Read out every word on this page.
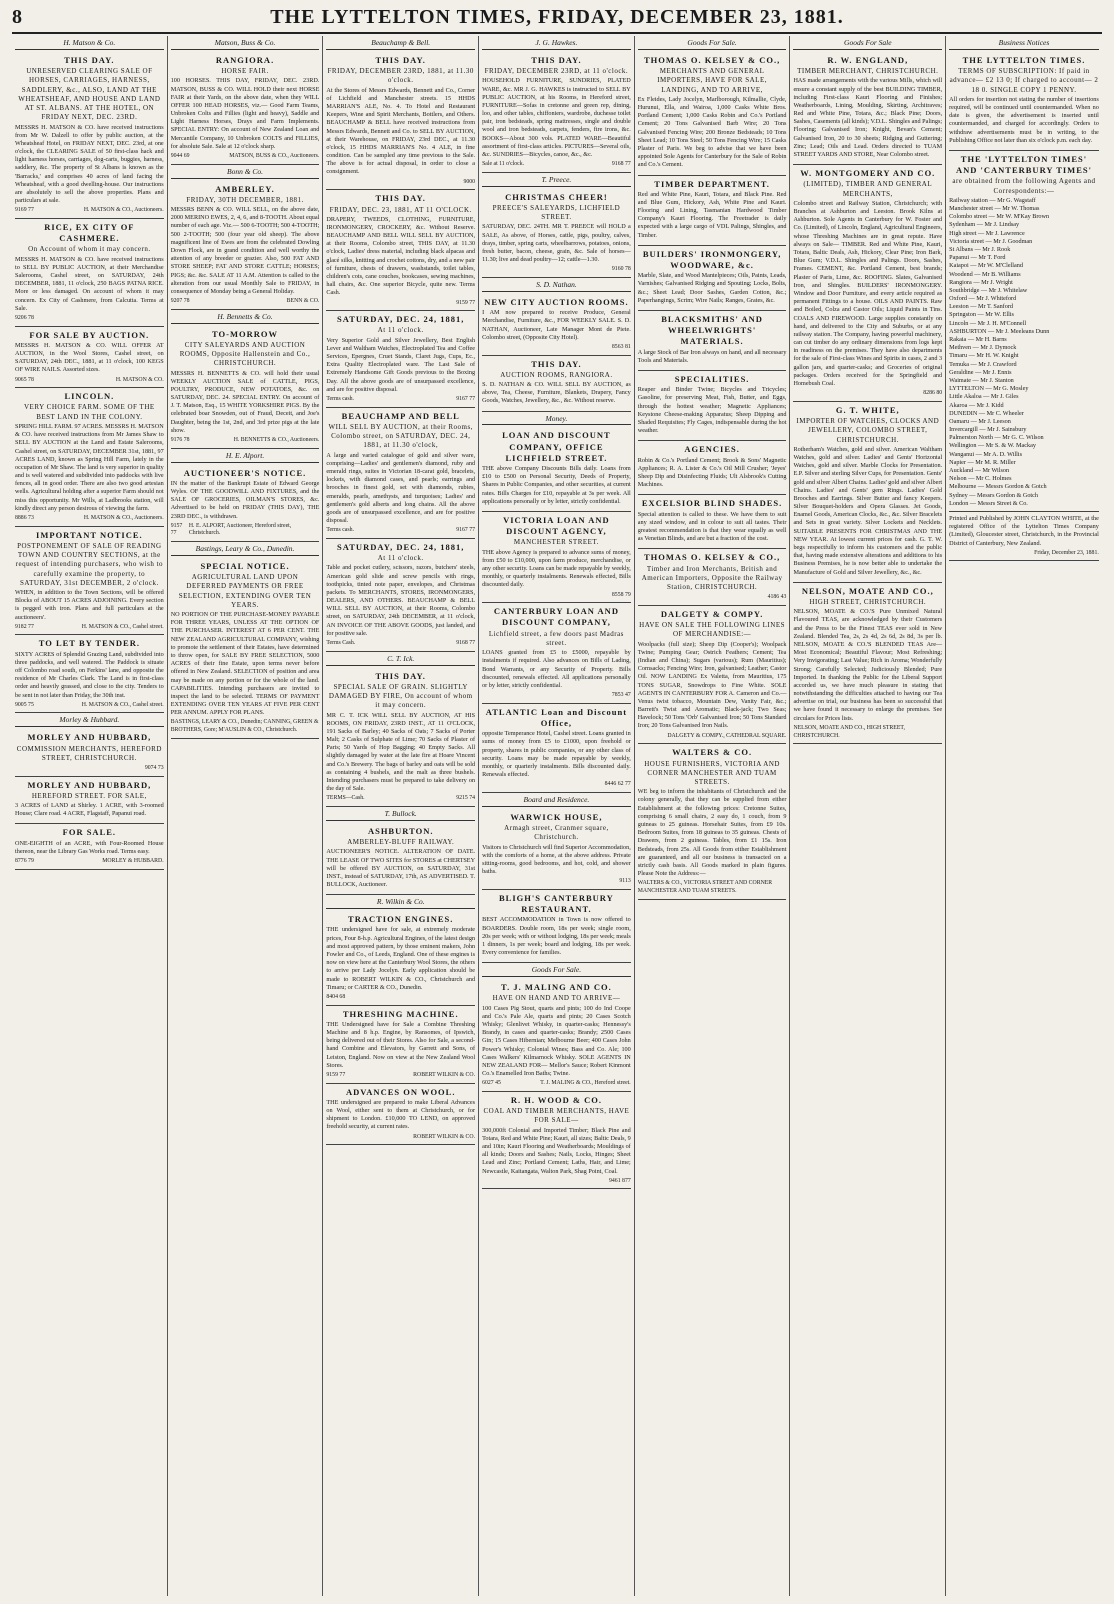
8	THE LYTTELTON TIMES, FRIDAY, DECEMBER 23, 1881.
H. Matson & Co.
THIS DAY.
UNRESERVED CLEARING SALE OF HORSES, CARRIAGES, HARNESS, SADDLERY, &c., ALSO, LAND AT THE WHEATSHEAF, AND HOUSE AND LAND AT ST. ALBANS. AT THE HOTEL, ON FRIDAY NEXT, DEC. 23RD.

MESSRS H. MATSON & CO. have received instructions from Mr W. Dalzell to offer by public auction, at the Wheatsheaf Hotel, on FRIDAY NEXT, DEC. 23rd, at one o'clock, the CLEARING SALE of 50 first-class hack and light harness horses, carriages, dog-carts, buggies, harness, saddlery, &c. The property of St Albans is known as the 'Barracks,' and comprises 40 acres of land facing the Wheatsheaf, with a good dwelling-house. Our instructions are absolutely to sell the above properties. Plans and particulars at sale.

9169 77	H. MATSON & CO., Auctioneers.
RICE, EX CITY OF CASHMERE.
On Account of whom it may concern.

MESSRS H. MATSON & CO. have received instructions to SELL BY PUBLIC AUCTION, at their Merchandise Salerooms, Cashel street, on SATURDAY, 24th DECEMBER, 1881, 11 o'clock, 250 BAGS PATNA RICE. More or less damaged. On account of whom it may concern. Ex City of Cashmere, from Calcutta. Terms at Sale.

9206 78
FOR SALE BY AUCTION.

MESSRS H. MATSON & CO. WILL OFFER AT AUCTION, in the Wool Stores, Cashel street, on SATURDAY, 24th DEC., 1881, at 11 o'clock, 100 KEGS OF WIRE NAILS. Assorted sizes.

9065 78	H. MATSON & CO.
LINCOLN.
VERY CHOICE FARM. SOME OF THE BEST LAND IN THE COLONY.

SPRING HILL FARM. 97 ACRES. MESSRS H. MATSON & CO. have received instructions from Mr James Shaw to SELL BY AUCTION at the Land and Estate Salerooms, Cashel street, on SATURDAY, DECEMBER 31st, 1881, 97 ACRES LAND, known as Spring Hill Farm, lately in the occupation of Mr Shaw. The land is very superior in quality and is well watered and subdivided into paddocks with live fences, all in good order. There are also two good artesian wells. Agricultural holding after a superior Farm should not miss this opportunity. Mr Wills, at Ladbrooks station, will kindly direct any person desirous of viewing the farm.

8886 73	H. MATSON & CO., Auctioneers.
IMPORTANT NOTICE.
POSTPONEMENT OF SALE OF READING TOWN AND COUNTRY SECTIONS, at the request of intending purchasers, who wish to carefully examine the property, to SATURDAY, 31st DECEMBER, 2 o'clock.

WHEN, in addition to the Town Sections, will be offered Blocks of ABOUT 15 ACRES ADJOINING. Every section is pegged with iron. Plans and full particulars at the auctioneers'.

9182 77	H. MATSON & CO., Cashel street.
TO LET BY TENDER.

SIXTY ACRES of Splendid Grazing Land, subdivided into three paddocks, and well watered. The Paddock is situate off Colombo road south, on Ferkins' lane, and opposite the residence of Mr Charles Clark. The Land is in first-class order and heavily grassed, and close to the city. Tenders to be sent in not later than Friday, the 30th inst.

9005 75	H. MATSON & CO., Cashel street.
Morley & Hubbard.
MORLEY AND HUBBARD,
COMMISSION MERCHANTS, HEREFORD STREET, CHRISTCHURCH.
9074 73
MORLEY AND HUBBARD,
HEREFORD STREET. FOR SALE,

3 ACRES of LAND at Shirley. 1 ACRE, with 3-roomed House; Clare road. 4 ACRE, Flagstaff, Papanui road.

FOR SALE.

ONE-EIGHTH of an ACRE, with Four-Roomed House thereon, near the Library Gas Works road. Terms easy.

8776 79	MORLEY & HUBBARD.
Matson, Buss & Co.
RANGIORA.
HORSE FAIR.

100 HORSES. THIS DAY, FRIDAY, DEC. 23RD. MATSON, BUSS & CO. WILL HOLD their next HORSE FAIR at their Yards, on the above date, when they WILL OFFER 100 HEAD HORSES, viz.— Good Farm Teams, Unbroken Colts and Fillies (light and heavy), Saddle and Light Harness Horses, Drays and Farm Implements. SPECIAL ENTRY: On account of New Zealand Loan and Mercantile Company, 10 Unbroken COLTS and FILLIES, for absolute Sale. Sale at 12 o'clock sharp.

9044 69	MATSON, BUSS & CO., Auctioneers.
Bonn & Co.
AMBERLEY.
FRIDAY, 30TH DECEMBER, 1881.

MESSRS BENN & CO. WILL SELL, on the above date, 2000 MERINO EWES, 2, 4, 6, and 8-TOOTH. About equal number of each age. Viz.— 500 6-TOOTH; 500 4-TOOTH; 500 2-TOOTH; 500 (four year old sheep). The above magnificent line of Ewes are from the celebrated Dowling Down Flock, are in grand condition and well worthy the attention of any breeder or grazier. Also, 500 FAT AND STORE SHEEP; FAT AND STORE CATTLE; HORSES; PIGS; &c. &c. SALE AT 11 A.M. Attention is called to the alteration from our usual Monthly Sale to FRIDAY, in consequence of Monday being a General Holiday.

9207 78	BENN & CO.
H. Bennetts & Co.
TO-MORROW
CITY SALEYARDS AND AUCTION ROOMS, Opposite Hallenstein and Co., CHRISTCHURCH.

MESSRS H. BENNETTS & CO. will hold their usual WEEKLY AUCTION SALE of CATTLE, PIGS, POULTRY, PRODUCE, NEW POTATOES, &c. on SATURDAY, DEC. 24. SPECIAL ENTRY. On account of J. T. Matson, Esq., 15 WHITE YORKSHIRE PIGS. By the celebrated boar Snowden, out of Fraud, Deceit, and Joe's Daughter, being the 1st, 2nd, and 3rd prize pigs at the late show.

9176 78	H. BENNETTS & CO., Auctioneers.
H. E. Alport.
AUCTIONEER'S NOTICE.

IN the matter of the Bankrupt Estate of Edward George Wyles. OF THE GOODWILL AND FIXTURES, and the SALE OF GROCERIES, OILMAN'S STORES, &c. Advertised to be held on FRIDAY (THIS DAY), THE 23RD DEC., is withdrawn.

9157 77
H. E. ALPORT, Auctioneer, Hereford street, Christchurch.
Bastings, Leary & Co., Dunedin.
SPECIAL NOTICE.
AGRICULTURAL LAND UPON DEFERRED PAYMENTS OR FREE SELECTION, EXTENDING OVER TEN YEARS.

NO PORTION OF THE PURCHASE-MONEY PAYABLE FOR THREE YEARS, UNLESS AT THE OPTION OF THE PURCHASER. INTEREST AT 6 PER CENT. THE NEW ZEALAND AGRICULTURAL COMPANY, wishing to promote the settlement of their Estates, have determined to throw open, for SALE BY FREE SELECTION, 5000 ACRES of their fine Estate, upon terms never before offered in New Zealand. SELECTION of position and area may be made on any portion or for the whole of the land. CAPABILITIES. Intending purchasers are invited to inspect the land to be selected. TERMS OF PAYMENT EXTENDING OVER TEN YEARS AT FIVE PER CENT PER ANNUM. APPLY FOR PLANS.

BASTINGS, LEARY & CO., Dunedin; CANNING, GREEN & BROTHERS, Gore; M'AUSLIN & CO., Christchurch.
Beauchamp & Bell.
THIS DAY.
FRIDAY, DECEMBER 23RD, 1881, at 11.30 o'clock.

At the Stores of Messrs Edwards, Bennett and Co., Corner of Lichfield and Manchester streets. 15 HHDS MARRIAN'S ALE, No. 4. To Hotel and Restaurant Keepers, Wine and Spirit Merchants, Bottlers, and Others. BEAUCHAMP & BELL have received instructions from Messrs Edwards, Bennett and Co. to SELL BY AUCTION, at their Warehouse, on FRIDAY, 23rd DEC., at 11.30 o'clock, 15 HHDS MARRIAN'S No. 4 ALE, in fine condition. Can be sampled any time previous to the Sale. The above is for actual disposal, in order to close a consignment.

9000
THIS DAY.
FRIDAY, DEC. 23, 1881, AT 11 O'CLOCK.

DRAPERY, TWEEDS, CLOTHING, FURNITURE, IRONMONGERY, CROCKERY, &c. Without Reserve. BEAUCHAMP AND BELL WILL SELL BY AUCTION, at their Rooms, Colombo street, THIS DAY, at 11.30 o'clock, Ladies' dress material, including black alpacas and glacé silks, knitting and crochet cottons, dry, and a new pair of furniture, chests of drawers, washstands, toilet tables, children's cots, cane couches, bookcases, sewing machines, hall chairs, &c. One superior Bicycle, quite new. Terms Cash.

9159 77
SATURDAY, DEC. 24, 1881,
At 11 o'clock.

Very Superior Gold and Silver Jewellery, Best English Lever and Waltham Watches, Electroplated Tea and Coffee Services, Epergnes, Cruet Stands, Claret Jugs, Cups, Ec., Extra Quality Electroplated ware. The Last Sale of Extremely Handsome Gift Goods previous to the Boxing Day. All the above goods are of unsurpassed excellence, and are for positive disposal.

Terms cash.	9167 77
BEAUCHAMP AND BELL
WILL SELL BY AUCTION, at their Rooms, Colombo street, on SATURDAY, DEC. 24, 1881, at 11.30 o'clock,

A large and varied catalogue of gold and silver ware, comprising—Ladies' and gentlemen's diamond, ruby and emerald rings, suites in Victorian 18-carat gold, bracelets, lockets, with diamond cases, and pearls; earrings and brooches in finest gold, set with diamonds, rubies, emeralds, pearls, amethysts, and turquoises; Ladies' and gentlemen's gold alberts and long chains. All the above goods are of unsurpassed excellence, and are for positive disposal.

Terms cash.	9167 77
SATURDAY, DEC. 24, 1881,
At 11 o'clock.

Table and pocket cutlery, scissors, razors, butchers' steels, American gold slide and screw pencils with rings, toothpicks, tinted note paper, envelopes, and Christmas packets. To MERCHANTS, STORES, IRONMONGERS, DEALERS, AND OTHERS. BEAUCHAMP & BELL WILL SELL BY AUCTION, at their Rooms, Colombo street, on SATURDAY, 24th DECEMBER, at 11 o'clock, AN INVOICE OF THE ABOVE GOODS, just landed, and for positive sale.

Terms Cash.	9168 77
C. T. Ick.
THIS DAY.
SPECIAL SALE OF GRAIN. SLIGHTLY DAMAGED BY FIRE, On account of whom it may concern.

MR C. T. ICK WILL SELL BY AUCTION, AT HIS ROOMS, ON FRIDAY, 23RD INST., AT 11 O'CLOCK, 191 Sacks of Barley; 40 Sacks of Oats; 7 Sacks of Porter Malt; 2 Casks of Sulphate of Lime; 70 Sacks of Plaster of Paris; 50 Yards of Hop Bagging; 40 Empty Sacks. All slightly damaged by water at the late fire at Hoare Vincent and Co.'s Brewery. The bags of barley and oats will be sold as containing 4 bushels, and the malt as three bushels. Intending purchasers must be prepared to take delivery on the day of Sale.

TERMS—Cash.	9215 74
T. Bullock.
ASHBURTON.
AMBERLEY-BLUFF RAILWAY.

AUCTIONEER'S NOTICE. ALTERATION OF DATE. THE LEASE OF TWO SITES for STORES at CHERTSEY will be offered BY AUCTION, on SATURDAY, 31st INST., instead of SATURDAY, 17th, AS ADVERTISED. T. BULLOCK, Auctioneer.

R. Wilkin & Co.
TRACTION ENGINES.

THE undersigned have for sale, at extremely moderate prices, Four 8-h.p. Agricultural Engines, of the latest design and most approved pattern, by those eminent makers, John Fowler and Co., of Leeds, England. One of these engines is now on view here at the Canterbury Wool Stores, the others to arrive per Lady Jocelyn. Early application should be made to ROBERT WILKIN & CO., Christchurch and Timaru; or CARTER & CO., Dunedin.

8404 68
THRESHING MACHINE.

THE Undersigned have for Sale a Combine Threshing Machine and 8 h.p. Engine, by Ransomes, of Ipswich, being delivered out of their Stores. Also for Sale, a second-hand Combine and Elevators, by Garrett and Sons, of Leiston, England. Now on view at the New Zealand Wool Stores.

9159 77	ROBERT WILKIN & CO.
ADVANCES ON WOOL.

THE undersigned are prepared to make Liberal Advances on Wool, either sent to them at Christchurch, or for shipment to London. £10,000 TO LEND, on approved freehold security, at current rates.

ROBERT WILKIN & CO.
J. G. Hawkes.
THIS DAY.
FRIDAY, DECEMBER 23RD, at 11 o'clock.

HOUSEHOLD FURNITURE, SUNDRIES, PLATED WARE, &c. MR J. G. HAWKES is instructed to SELL BY PUBLIC AUCTION, at his Rooms, in Hereford street, FURNITURE—Sofas in cretonne and green rep, dining, loo, and other tables, chiffoniers, wardrobe, duchesse toilet pair, iron bedsteads, spring mattresses, single and double wool and iron bedsteads, carpets, fenders, fire irons, &c. BOOKS—About 300 vols. PLATED WARE—Beautiful assortment of first-class articles. PICTURES—Several oils, &c. SUNDRIES—Bicycles, canoe, &c., &c.

Sale at 11 o'clock.	9168 77
T. Preece.
CHRISTMAS CHEER!
PREECE'S SALEYARDS, LICHFIELD STREET.

SATURDAY, DEC. 24TH. MR T. PREECE will HOLD a SALE, As above, of Horses, cattle, pigs, poultry, calves, drays, timber, spring carts, wheelbarrows, potatoes, onions, fresh butter, bacon, cheese, grain, &c. Sale of horses—11.30; live and dead poultry—12; cattle—1.30.

9160 78
S. D. Nathan.
NEW CITY AUCTION ROOMS.

I AM now prepared to receive Produce, General Merchandise, Furniture, &c., FOR WEEKLY SALE. S. D. NATHAN, Auctioneer, Late Manager Mont de Piete. Colombo street, (Opposite City Hotel).

8563 81
THIS DAY.
AUCTION ROOMS, RANGIORA.

S. D. NATHAN & CO. WILL SELL BY AUCTION, as above, Tea, Cheese, Furniture, Blankets, Drapery, Fancy Goods, Watches, Jewellery, &c., &c. Without reserve.

Money.
LOAN AND DISCOUNT COMPANY, OFFICE LICHFIELD STREET.

THE above Company Discounts Bills daily. Loans from £10 to £500 on Personal Security, Deeds of Property, Shares in Public Companies, and other securities, at current rates. Bills Charges for £10, repayable at 3s per week. All applications personally or by letter, strictly confidential.

VICTORIA LOAN AND DISCOUNT AGENCY,
MANCHESTER STREET.

THE above Agency is prepared to advance sums of money, from £50 to £10,000, upon farm produce, merchandise, or any other security. Loans can be made repayable by weekly, monthly, or quarterly instalments. Renewals effected, Bills discounted daily.

8558 79
CANTERBURY LOAN AND DISCOUNT COMPANY,
Lichfield street, a few doors past Madras street.

LOANS granted from £5 to £5000, repayable by instalments if required. Also advances on Bills of Lading, Bond Warrants, or any Security of Property. Bills discounted, renewals effected. All applications personally or by letter, strictly confidential.

7853 47
ATLANTIC Loan and Discount Office,

opposite Temperance Hotel, Cashel street. Loans granted in sums of money from £5 to £1000, upon freehold or property, shares in public companies, or any other class of security. Loans may be made repayable by weekly, monthly, or quarterly instalments. Bills discounted daily. Renewals effected.

8446 62 77
Board and Residence.
WARWICK HOUSE,
Armagh street, Cranmer square, Christchurch.

Visitors to Christchurch will find Superior Accommodation, with the comforts of a home, at the above address. Private sitting-rooms, good bedrooms, and hot, cold, and shower baths.

9113
BLIGH'S CANTERBURY RESTAURANT.

BEST ACCOMMODATION in Town is now offered to BOARDERS. Double room, 18s per week; single room, 20s per week; with or without lodging, 18s per week; meals 1 dinners, 1s per week; board and lodging, 18s per week. Every convenience for families.

Goods For Sale.
T. J. MALING AND CO.
HAVE ON HAND AND TO ARRIVE—

100 Cases Pig Stout, quarts and pints; 100 do Ind Coope and Co.'s Pale Ale, quarts and pints; 20 Cases Scotch Whisky; Glenlivet Whisky, in quarter-casks; Hennessy's Brandy, in cases and quarter-casks; Brandy; 2500 Cases Gin; 15 Cases Hibernian; Melbourne Beer; 400 Cases John Power's Whisky; Colonial Wines; Bass and Co. Ale; 100 Cases Walkers' Kilmarnock Whisky. SOLE AGENTS IN NEW ZEALAND FOR— Mellor's Sauce; Robert Kinmont Co.'s Enamelled Iron Baths; Twine.

6027 45	T. J. MALING & CO., Hereford street.
R. H. WOOD & CO.
COAL AND TIMBER MERCHANTS, HAVE FOR SALE—

300,000ft Colonial and Imported Timber; Black Pine and Totara, Red and White Pine; Kauri, all sizes; Baltic Deals, 9 and 10in; Kauri Flooring and Weatherboards; Mouldings of all kinds; Doors and Sashes; Nails, Locks, Hinges; Sheet Lead and Zinc; Portland Cement; Laths, Hair, and Lime; Newcastle, Kaitangata, Walton Park, Shag Point, Coal.

9461 877
Goods For Sale.
THOMAS O. KELSEY & CO.,
MERCHANTS AND GENERAL IMPORTERS, HAVE FOR SALE, LANDING, AND TO ARRIVE,

Ex Fleides, Lady Jocelyn, Marlborough, Kilmallie, Clyde, Hurunui, Ella, and Wairoa, 1,000 Casks White Bros. Portland Cement; 1,000 Casks Robin and Co.'s Portland Cement; 20 Tons Galvanised Barb Wire; 20 Tons Galvanised Fencing Wire; 200 Bronze Bedsteads; 10 Tons Sheet Lead; 10 Tons Steel; 50 Tons Fencing Wire; 15 Casks Plaster of Paris. We beg to advise that we have been appointed Sole Agents for Canterbury for the Sale of Robin and Co.'s Cement.

TIMBER DEPARTMENT.

Red and White Pine, Kauri, Totara, and Black Pine. Red and Blue Gum, Hickory, Ash, White Pine and Kauri. Flooring and Lining, Tasmanian Hardwood Timber Company's Kauri Flooring. The Freetrader is daily expected with a large cargo of VDL Palings, Shingles, and Timber.

BUILDERS' IRONMONGERY, WOODWARE, &c.

Marble, Slate, and Wood Mantelpieces; Oils, Paints, Leads, Varnishes; Galvanised Ridging and Spouting; Locks, Bolts, &c.; Sheet Lead; Door Sashes, Garden Cotton, &c.; Paperhangings, Scrim; Wire Nails; Ranges, Grates, &c.

BLACKSMITHS' AND WHEELWRIGHTS' MATERIALS.

A large Stock of Bar Iron always on hand, and all necessary Tools and Materials.

SPECIALITIES.

Reaper and Binder Twine; Bicycles and Tricycles; Gasoline, for preserving Meat, Fish, Butter, and Eggs, through the hottest weather; Magnetic Appliances; Keystone Cheese-making Apparatus; Sheep Dipping and Shaded Requisites; Fly Cages, indispensable during the hot weather.

AGENCIES.

Robin & Co.'s Portland Cement; Brook & Sons' Magnetic Appliances; R. A. Lister & Co.'s Oil Mill Crusher; 'Jeyes' Sheep Dip and Disinfecting Fluids; Ult Alsbrook's Cutting Machines.

EXCELSIOR BLIND SHADES.

Special attention is called to these. We have them to suit any sized window, and in colour to suit all tastes. Their greatest recommendation is that they wear equally as well as Venetian Blinds, and are but a fraction of the cost.

THOMAS O. KELSEY & CO.,
Timber and Iron Merchants, British and American Importers, Opposite the Railway Station, CHRISTCHURCH.
4186 43
DALGETY & COMPY.
HAVE ON SALE THE FOLLOWING LINES OF MERCHANDISE:—

Woolpacks (full size); Sheep Dip (Cooper's); Woolpack Twine; Pumping Gear; Ostrich Feathers; Cement; Tea (Indian and China); Sugars (various); Rum (Mauritius); Cornsacks; Fencing Wire; Iron, galvanised; Leather; Castor Oil. NOW LANDING Ex Valetta, from Mauritius, 175 TONS SUGAR, Snowdrops to Fine White. SOLE AGENTS IN CANTERBURY FOR A. Cameron and Co.— Venus twist tobacco, Mountain Dew, Vanity Fair, &c.; Barrett's Twist and Aromatic; Black-jack; Two Seas; Havelock; 50 Tons 'Orb' Galvanised Iron; 50 Tons Standard Iron; 20 Tons Galvanised Iron Nails.

DALGETY & COMPY., CATHEDRAL SQUARE.
WALTERS & CO.
HOUSE FURNISHERS, VICTORIA AND CORNER MANCHESTER AND TUAM STREETS.

WE beg to inform the inhabitants of Christchurch and the colony generally, that they can be supplied from either Establishment at the following prices: Cretonne Suites, comprising 6 small chairs, 2 easy do, 1 couch, from 9 guineas to 25 guineas. Horsehair Suites, from £9 10s. Bedroom Suites, from 18 guineas to 35 guineas. Chests of Drawers, from 2 guineas. Tables, from £1 15s. Iron Bedsteads, from 25s. All Goods from either Establishment are guaranteed, and all our business is transacted on a strictly cash basis. All Goods marked in plain figures. Please Note the Address:—

WALTERS & CO., VICTORIA STREET AND CORNER MANCHESTER AND TUAM STREETS.
Goods For Sale
R. W. ENGLAND,
TIMBER MERCHANT, CHRISTCHURCH.

HAS made arrangements with the various Mills, which will ensure a constant supply of the best BUILDING TIMBER, including First-class Kauri Flooring and Finishes; Weatherboards, Lining, Moulding, Skirting, Architraves; Red and White Pine, Totara, &c.; Black Pine; Doors, Sashes, Casements (all kinds); V.D.L. Shingles and Palings; Flooring; Galvanised Iron; Knight, Bevan's Cement; Galvanised Iron, 20 to 30 sheets; Ridging and Guttering; Zinc; Lead; Oils and Lead. Orders directed to TUAM STREET YARDS AND STORE, Near Colombo street.

W. MONTGOMERY AND CO.
(LIMITED), TIMBER AND GENERAL MERCHANTS,

Colombo street and Railway Station, Christchurch; with Branches at Ashburton and Leeston. Brook Kilns at Ashburton. Sole Agents in Canterbury for W. Foster and Co. (Limited), of Lincoln, England, Agricultural Engineers, whose Threshing Machines are in great repute. Have always on Sale— TIMBER. Red and White Pine, Kauri, Totara, Baltic Deals, Ash, Hickory, Clear Pine; Iron Bark, Blue Gum; V.D.L. Shingles and Palings. Doors, Sashes, Frames. CEMENT, &c. Portland Cement, best brands; Plaster of Paris, Lime, &c. ROOFING. Slates, Galvanised Iron, and Shingles. BUILDERS' IRONMONGERY. Window and Door Furniture, and every article required as permanent Fittings to a house. OILS AND PAINTS. Raw and Boiled, Colza and Castor Oils; Liquid Paints in Tins. COALS AND FIREWOOD. Large supplies constantly on hand, and delivered to the City and Suburbs, or at any railway station. The Company, having powerful machinery, can cut timber do any ordinary dimensions from logs kept in readiness on the premises. They have also departments for the sale of First-class Wines and Spirits in cases, 2 and 3 gallon jars, and quarter-casks; and Groceries of original packages. Orders received for the Springfield and Homebush Coal.

8286 80
G. T. WHITE,
IMPORTER OF WATCHES, CLOCKS AND JEWELLERY, COLOMBO STREET, CHRISTCHURCH.

Rotherham's Watches, gold and silver. American Waltham Watches, gold and silver. Ladies' and Gents' Horizontal Watches, gold and silver. Marble Clocks for Presentation. E.P. Silver and sterling Silver Cups, for Presentation. Gents' gold and silver Albert Chains. Ladies' gold and silver Albert Chains. Ladies' and Gents' gem Rings. Ladies' Gold Brooches and Earrings. Silver Butter and fancy Keepers. Silver Bouquet-holders and Opera Glasses. Jet Goods, Enamel Goods, American Clocks, &c., &c. Silver Bracelets and Sets in great variety. Silver Lockets and Necklets. SUITABLE PRESENTS FOR CHRISTMAS AND THE NEW YEAR. At lowest current prices for cash. G. T. W. begs respectfully to inform his customers and the public that, having made extensive alterations and additions to his Business Premises, he is now better able to undertake the Manufacture of Gold and Silver Jewellery, &c., &c.

NELSON, MOATE AND CO.,
HIGH STREET, CHRISTCHURCH.

NELSON, MOATE & CO.'S Pure Unmixed Natural Flavoured TEAS, are acknowledged by their Customers and the Press to be the Finest TEAS ever sold in New Zealand. Blended Tea, 2s, 2s 4d, 2s 6d, 2s 8d, 3s per lb. NELSON, MOATE & CO.'S BLENDED TEAS Are— Most Economical; Beautiful Flavour; Most Refreshing; Very Invigorating; Last Value; Rich in Aroma; Wonderfully Strong; Carefully Selected; Judiciously Blended; Pure Imported. In thanking the Public for the Liberal Support accorded us, we have much pleasure in stating that notwithstanding the difficulties attached to having our Tea advertise on trial, our business has been so successful that we have found it necessary to enlarge the premises. See circulars for Prices lists.

NELSON, MOATE AND CO., HIGH STREET, CHRISTCHURCH.
Business Notices
THE LYTTELTON TIMES.
TERMS OF SUBSCRIPTION: If paid in advance— £2 13 0; If charged to account— 2 18 0. SINGLE COPY 1 PENNY.

All orders for insertion not stating the number of insertions required, will be continued until countermanded. When no date is given, the advertisement is inserted until countermanded, and charged for accordingly. Orders to withdraw advertisements must be in writing, to the Publishing Office not later than six o'clock p.m. each day.

THE 'LYTTELTON TIMES' AND 'CANTERBURY TIMES'
are obtained from the following Agents and Correspondents:—

Railway station — Mr G. Wagstaff

Manchester street — Mr W. Thomas

Colombo street — Mr W. M'Kay Brown

Sydenham — Mr J. Lindsay

High street — Mr J. Lawrence

Victoria street — Mr J. Goodman

St Albans — Mr J. Rook

Papanui — Mr T. Ford

Kaiapoi — Mr W. M'Clelland

Woodend — Mr B. Williams

Rangiora — Mr J. Wright

Southbridge — Mr J. Whitelaw

Oxford — Mr J. Whiteford

Leeston — Mr T. Sanford

Springston — Mr W. Ellis

Lincoln — Mr J. H. M'Connell

ASHBURTON — Mr J. Meeleans Dunn

Rakaia — Mr H. Barns

Methven — Mr J. Dymock

Timaru — Mr H. W. Knight

Temuka — Mr J. Crawford

Geraldine — Mr J. Ennis

Waimate — Mr J. Stanton

LYTTELTON — Mr G. Mosley

Little Akaloa — Mr J. Giles

Akaroa — Mr J. Kidd

DUNEDIN — Mr C. Wheeler

Oamaru — Mr J. Leeson

Invercargill — Mr J. Sainsbury

Palmerston North — Mr G. C. Wilson

Wellington — Mr S. & W. Mackay

Wanganui — Mr A. D. Willis

Napier — Mr M. R. Miller

Auckland — Mr Wilson

Nelson — Mr C. Holmes

Melbourne — Messrs Gordon & Gotch

Sydney — Messrs Gordon & Gotch

London — Messrs Street & Co.

Printed and Published by JOHN CLAYTON WHITE, at the registered Office of the Lyttelton Times Company (Limited), Gloucester street, Christchurch, in the Provincial District of Canterbury, New Zealand.

Friday, December 23, 1881.
